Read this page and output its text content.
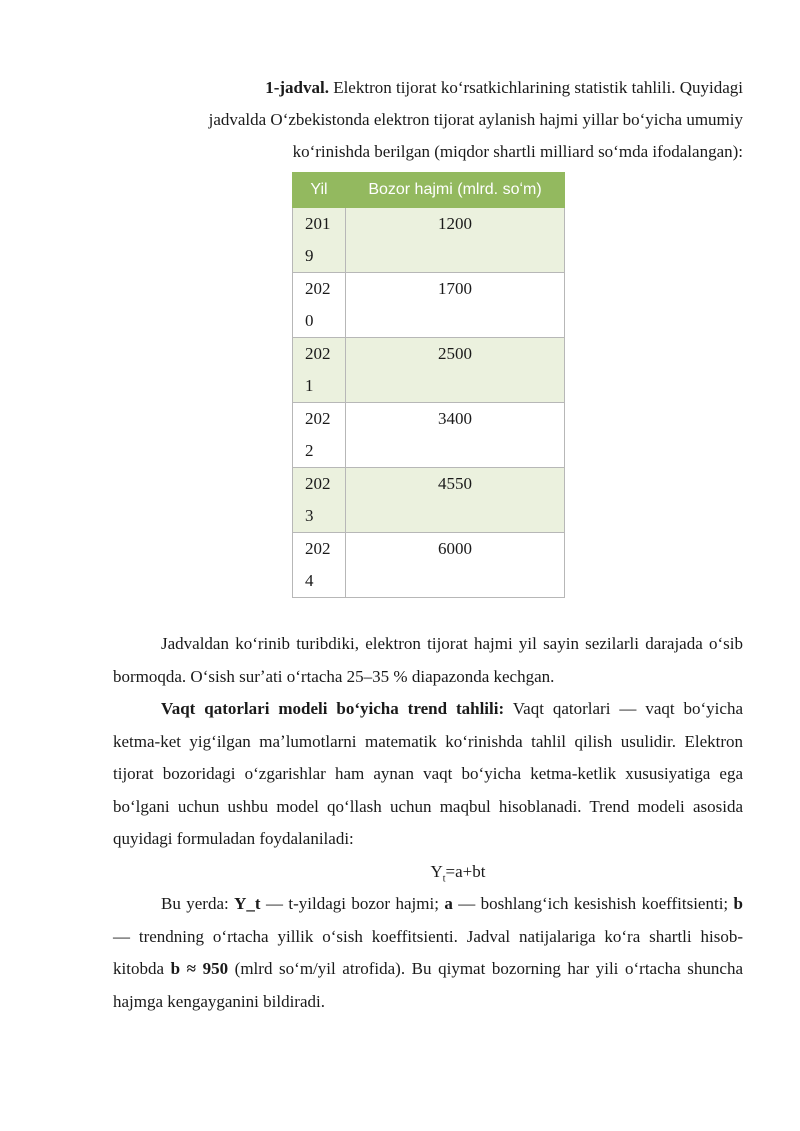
1-jadval. Elektron tijorat koʻrsatkichlarining statistik tahlili. Quyidagi
jadvalda Oʻzbekistonda elektron tijorat aylanish hajmi yillar boʻyicha umumiy
koʻrinishda berilgan (miqdor shartli milliard soʻmda ifodalangan):
Yil	Bozor hajmi (mlrd. soʻm)

2019	1200

2020	1700

2021	2500

2022	3400

2023	4550

2024	6000

Jadvaldan koʻrinib turibdiki, elektron tijorat hajmi yil sayin sezilarli darajada oʻsib bormoqda. Oʻsish surʼati oʻrtacha 25–35 % diapazonda kechgan.

Vaqt qatorlari modeli boʻyicha trend tahlili: Vaqt qatorlari — vaqt boʻyicha ketma-ket yigʻilgan maʼlumotlarni matematik koʻrinishda tahlil qilish usulidir. Elektron tijorat bozoridagi oʻzgarishlar ham aynan vaqt boʻyicha ketma-ketlik xususiyatiga ega boʻlgani uchun ushbu model qoʻllash uchun maqbul hisoblanadi. Trend modeli asosida quyidagi formuladan foydalaniladi:

$Y_t=a+bt$

Bu yerda: Y_t — t-yildagi bozor hajmi; a — boshlangʻich kesishish koeffitsienti; b — trendning oʻrtacha yillik oʻsish koeffitsienti. Jadval natijalariga koʻra shartli hisob-kitobda b ≈ 950 (mlrd soʻm/yil atrofida). Bu qiymat bozorning har yili oʻrtacha shuncha hajmga kengayganini bildiradi.
